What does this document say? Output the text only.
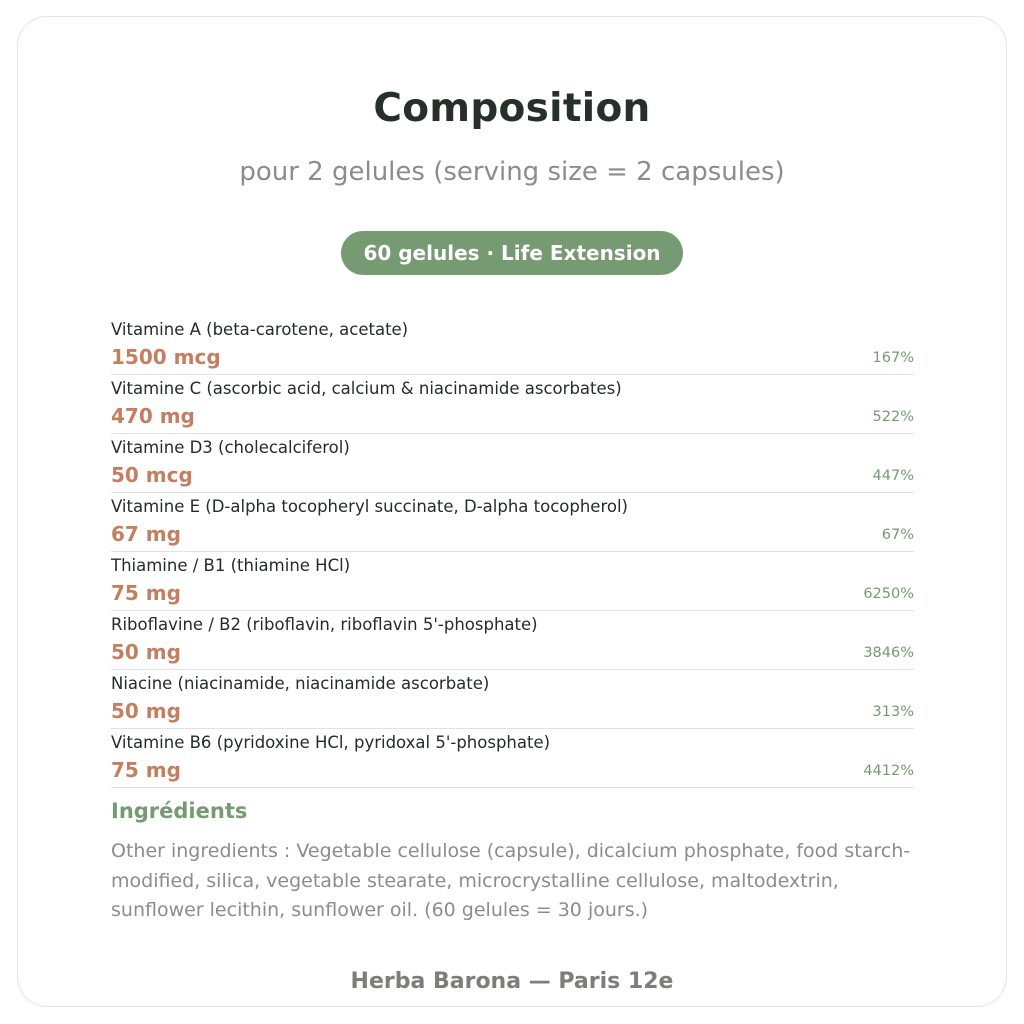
Composition

pour 2 gelules (serving size = 2 capsules)

60 gelules · Life Extension
Vitamine A (beta-carotene, acetate)
1500 mcg	167%
Vitamine C (ascorbic acid, calcium & niacinamide ascorbates)
470 mg	522%
Vitamine D3 (cholecalciferol)
50 mcg	447%
Vitamine E (D-alpha tocopheryl succinate, D-alpha tocopherol)
67 mg	67%
Thiamine / B1 (thiamine HCl)
75 mg	6250%
Riboflavine / B2 (riboflavin, riboflavin 5'-phosphate)
50 mg	3846%
Niacine (niacinamide, niacinamide ascorbate)
50 mg	313%
Vitamine B6 (pyridoxine HCl, pyridoxal 5'-phosphate)
75 mg	4412%
Ingrédients

Other ingredients : Vegetable cellulose (capsule), dicalcium phosphate, food starch-modified, silica, vegetable stearate, microcrystalline cellulose, maltodextrin, sunflower lecithin, sunflower oil. (60 gelules = 30 jours.)

Herba Barona — Paris 12e
